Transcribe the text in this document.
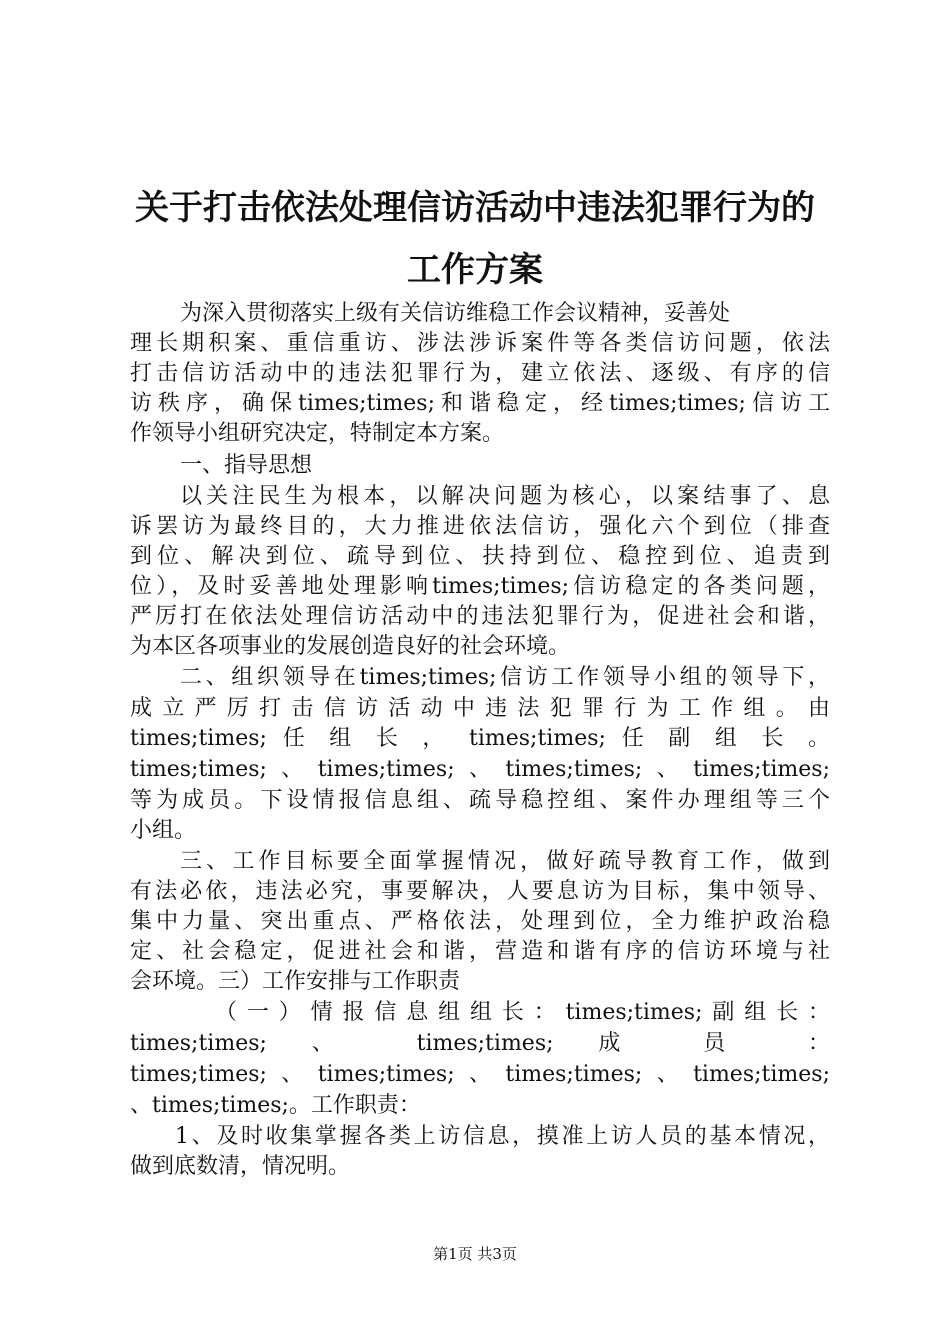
关于打击依法处理信访活动中违法犯罪行为的
工作方案
为深入贯彻落实上级有关信访维稳工作会议精神，妥善处
理长期积案、重信重访、涉法涉诉案件等各类信访问题，依法
打击信访活动中的违法犯罪行为，建立依法、逐级、有序的信
访秩序，确保times;times;和谐稳定，经times;times;信访工
作领导小组研究决定，特制定本方案。
一、指导思想
以关注民生为根本，以解决问题为核心，以案结事了、息
诉罢访为最终目的，大力推进依法信访，强化六个到位（排查
到位、解决到位、疏导到位、扶持到位、稳控到位、追责到
位），及时妥善地处理影响times;times;信访稳定的各类问题，
严厉打在依法处理信访活动中的违法犯罪行为，促进社会和谐，
为本区各项事业的发展创造良好的社会环境。
二、组织领导在times;times;信访工作领导小组的领导下，
成立严厉打击信访活动中违法犯罪行为工作组。由
times;times; 任 组 长 ， times;times; 任 副 组 长 。
times;times;、times;times;、times;times;、times;times;
等为成员。下设情报信息组、疏导稳控组、案件办理组等三个
小组。
三、工作目标要全面掌握情况，做好疏导教育工作，做到
有法必依，违法必究，事要解决，人要息访为目标，集中领导、
集中力量、突出重点、严格依法，处理到位，全力维护政治稳
定、社会稳定，促进社会和谐，营造和谐有序的信访环境与社
会环境。三）工作安排与工作职责
（一）情报信息组组长：times;times;副组长：
times;times; 、 times;times; 成 员 ：
times;times;、times;times;、times;times;、times;times;
、times;times;。工作职责：
1、及时收集掌握各类上访信息，摸准上访人员的基本情况，
做到底数清，情况明。
第1页 共3页
